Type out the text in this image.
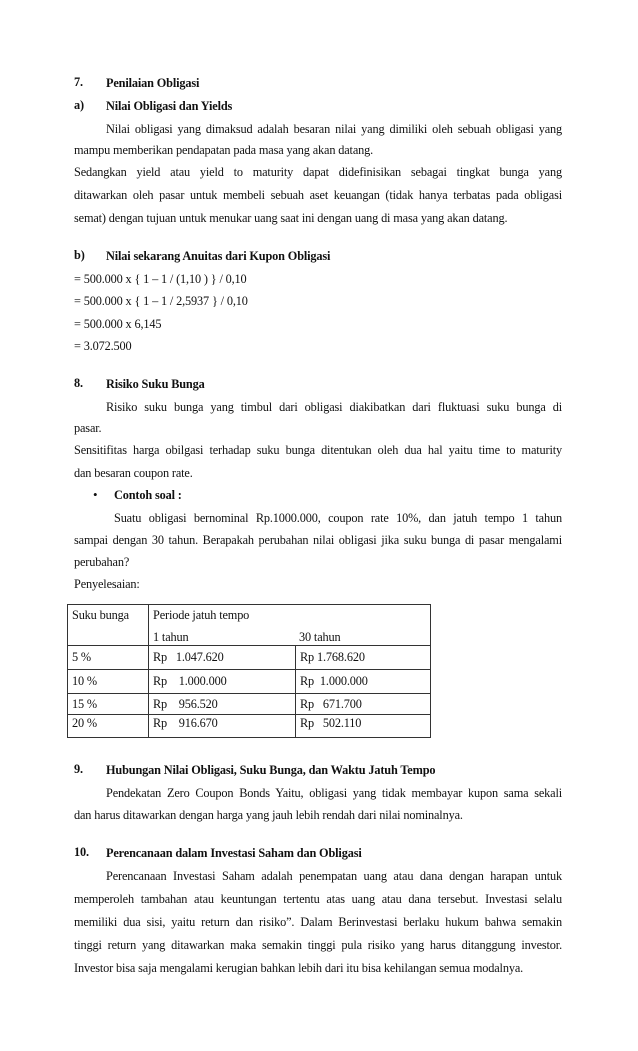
7. Penilaian Obligasi
a) Nilai Obligasi dan Yields
Nilai obligasi yang dimaksud adalah besaran nilai yang dimiliki oleh sebuah obligasi yang
mampu memberikan pendapatan pada masa yang akan datang.
Sedangkan yield atau yield to maturity dapat didefinisikan sebagai tingkat bunga yang
ditawarkan oleh pasar untuk membeli sebuah aset keuangan (tidak hanya terbatas pada obligasi
semat) dengan tujuan untuk menukar uang saat ini dengan uang di masa yang akan datang.
b) Nilai sekarang Anuitas dari Kupon Obligasi
= 500.000 x { 1 – 1 / (1,10 ) } / 0,10
= 500.000 x { 1 – 1 / 2,5937 } / 0,10
= 500.000 x 6,145
= 3.072.500
8. Risiko Suku Bunga
Risiko suku bunga yang timbul dari obligasi diakibatkan dari fluktuasi suku bunga di
pasar.
Sensitifitas harga obilgasi terhadap suku bunga ditentukan oleh dua hal yaitu time to maturity
dan besaran coupon rate.
• Contoh soal :
Suatu obligasi bernominal Rp.1000.000, coupon rate 10%, dan jatuh tempo 1 tahun
sampai dengan 30 tahun. Berapakah perubahan nilai obligasi jika suku bunga di pasar mengalami
perubahan?
Penyelesaian:
Suku bunga	Periode jatuh tempo
1 tahun 30 tahun	

5 %	Rp   1.047.620	Rp 1.768.620
10 %	Rp    1.000.000	Rp  1.000.000
15 %	Rp    956.520	Rp   671.700
20 %	Rp    916.670	Rp   502.110
9. Hubungan Nilai Obligasi, Suku Bunga, dan Waktu Jatuh Tempo
Pendekatan Zero Coupon Bonds Yaitu, obligasi yang tidak membayar kupon sama sekali
dan harus ditawarkan dengan harga yang jauh lebih rendah dari nilai nominalnya.
10. Perencanaan dalam Investasi Saham dan Obligasi
Perencanaan Investasi Saham adalah penempatan uang atau dana dengan harapan untuk
memperoleh tambahan atau keuntungan tertentu atas uang atau dana tersebut. Investasi selalu
memiliki dua sisi, yaitu return dan risiko”. Dalam Berinvestasi berlaku hukum bahwa semakin
tinggi return yang ditawarkan maka semakin tinggi pula risiko yang harus ditanggung investor.
Investor bisa saja mengalami kerugian bahkan lebih dari itu bisa kehilangan semua modalnya.
